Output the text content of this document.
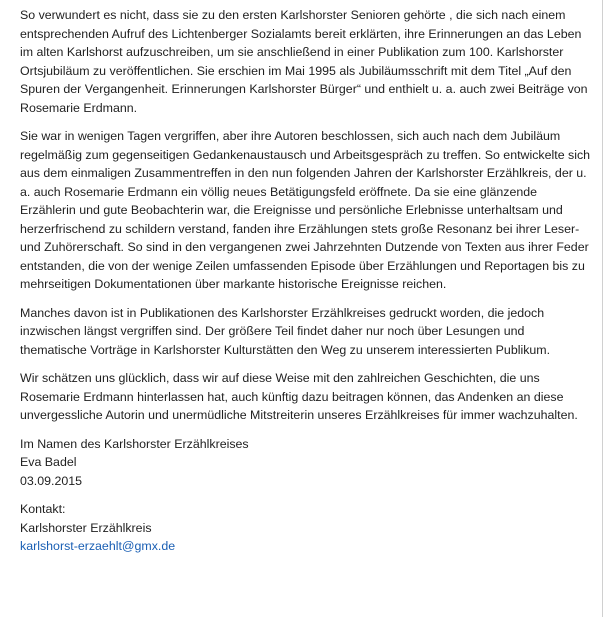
So verwundert es nicht, dass sie zu den ersten Karlshorster Senioren gehörte , die sich nach einem entsprechenden Aufruf des Lichtenberger Sozialamts bereit erklärten, ihre Erinnerungen an das Leben im alten Karlshorst aufzuschreiben, um sie anschließend in einer Publikation zum 100. Karlshorster Ortsjubiläum zu veröffentlichen. Sie erschien im Mai 1995 als Jubiläumsschrift mit dem Titel „Auf den Spuren der Vergangenheit. Erinnerungen Karlshorster Bürger“ und enthielt u. a. auch zwei Beiträge von Rosemarie Erdmann.

Sie war in wenigen Tagen vergriffen, aber ihre Autoren beschlossen, sich auch nach dem Jubiläum regelmäßig zum gegenseitigen Gedankenaustausch und Arbeitsgespräch zu treffen. So entwickelte sich aus dem einmaligen Zusammentreffen in den nun folgenden Jahren der Karlshorster Erzählkreis, der u. a. auch Rosemarie Erdmann ein völlig neues Betätigungsfeld eröffnete. Da sie eine glänzende Erzählerin und gute Beobachterin war, die Ereignisse und persönliche Erlebnisse unterhaltsam und herzerfrischend zu schildern verstand, fanden ihre Erzählungen stets große Resonanz bei ihrer Leser- und Zuhörerschaft. So sind in den vergangenen zwei Jahrzehnten Dutzende von Texten aus ihrer Feder entstanden, die von der wenige Zeilen umfassenden Episode über Erzählungen und Reportagen bis zu mehrseitigen Dokumentationen über markante historische Ereignisse reichen.

Manches davon ist in Publikationen des Karlshorster Erzählkreises gedruckt worden, die jedoch inzwischen längst vergriffen sind. Der größere Teil findet daher nur noch über Lesungen und thematische Vorträge in Karlshorster Kulturstätten den Weg zu unserem interessierten Publikum.

Wir schätzen uns glücklich, dass wir auf diese Weise mit den zahlreichen Geschichten, die uns Rosemarie Erdmann hinterlassen hat, auch künftig dazu beitragen können, das Andenken an diese unvergessliche Autorin und unermüdliche Mitstreiterin unseres Erzählkreises für immer wachzuhalten.

Im Namen des Karlshorster Erzählkreises
Eva Badel
03.09.2015
Kontakt:
Karlshorster Erzählkreis
karlshorst-erzaehlt@gmx.de
